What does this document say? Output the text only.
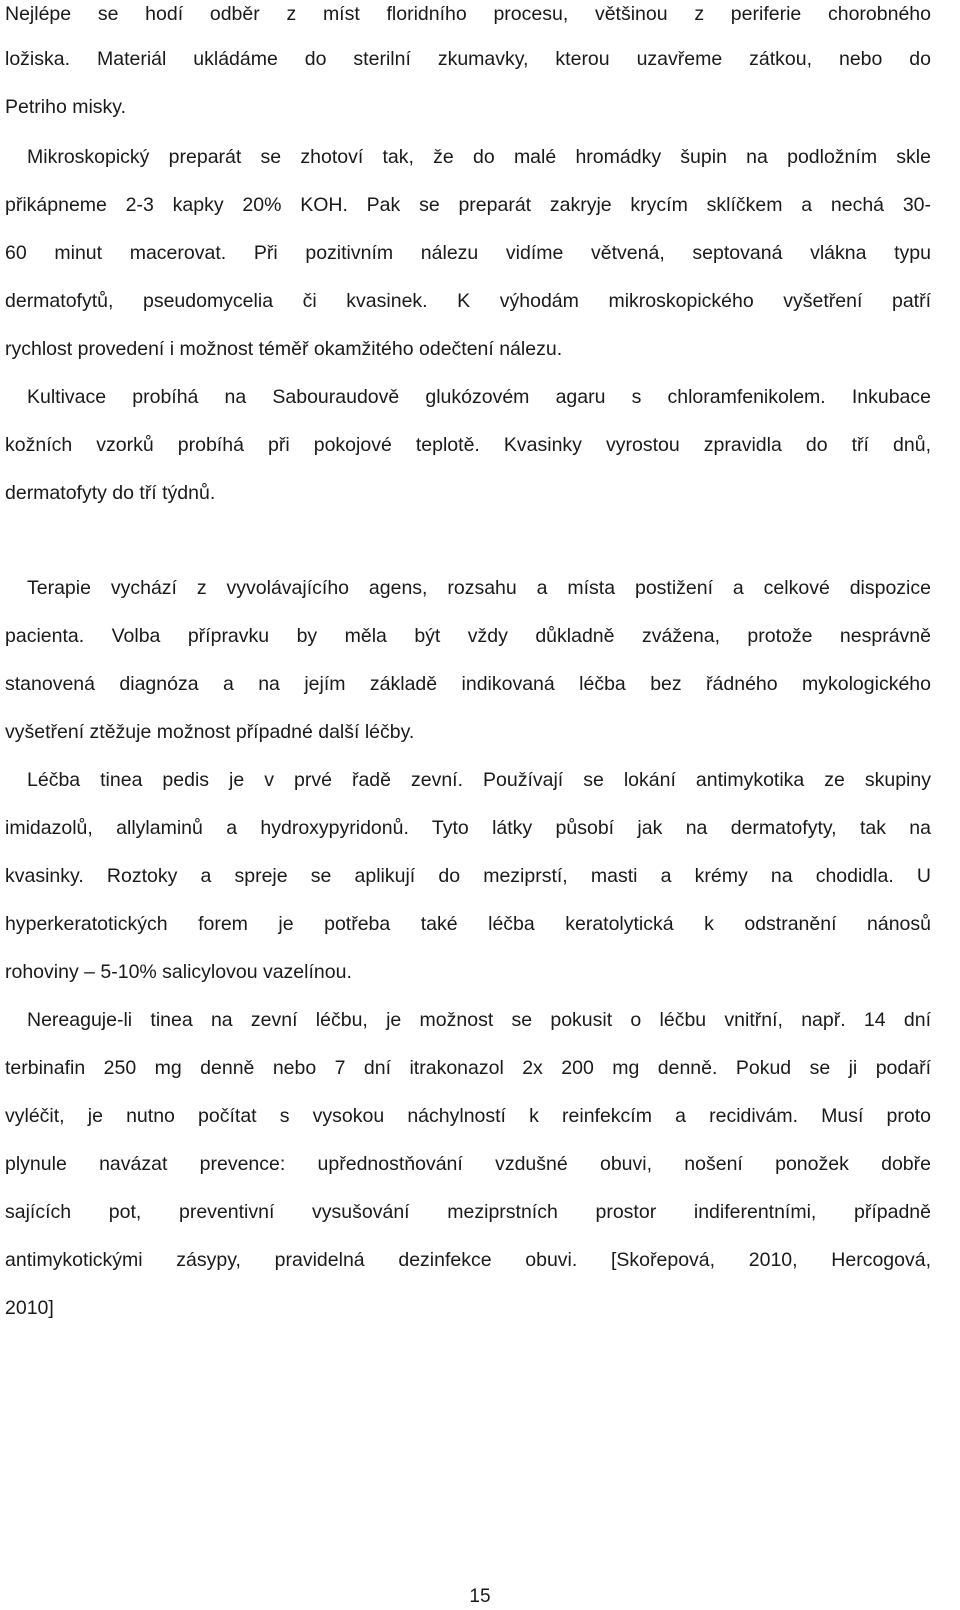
Nejlépe se hodí odběr z míst floridního procesu, většinou z periferie chorobného
ložiska. Materiál ukládáme do sterilní zkumavky, kterou uzavřeme zátkou, nebo do
Petriho misky.
Mikroskopický preparát se zhotoví tak, že do malé hromádky šupin na podložním skle
přikápneme 2-3 kapky 20% KOH. Pak se preparát zakryje krycím sklíčkem a nechá 30-
60 minut macerovat. Při pozitivním nálezu vidíme větvená, septovaná vlákna typu
dermatofytů, pseudomycelia či kvasinek. K výhodám mikroskopického vyšetření patří
rychlost provedení i možnost téměř okamžitého odečtení nálezu.
Kultivace probíhá na Sabouraudově glukózovém agaru s chloramfenikolem. Inkubace
kožních vzorků probíhá při pokojové teplotě. Kvasinky vyrostou zpravidla do tří dnů,
dermatofyty do tří týdnů.
Terapie vychází z vyvolávajícího agens, rozsahu a místa postižení a celkové dispozice
pacienta. Volba přípravku by měla být vždy důkladně zvážena, protože nesprávně
stanovená diagnóza a na jejím základě indikovaná léčba bez řádného mykologického
vyšetření ztěžuje možnost případné další léčby.
Léčba tinea pedis je v prvé řadě zevní. Používají se lokání antimykotika ze skupiny
imidazolů, allylaminů a hydroxypyridonů. Tyto látky působí jak na dermatofyty, tak na
kvasinky. Roztoky a spreje se aplikují do meziprstí, masti a krémy na chodidla. U
hyperkeratotických forem je potřeba také léčba keratolytická k odstranění nánosů
rohoviny – 5-10% salicylovou vazelínou.
Nereaguje-li tinea na zevní léčbu, je možnost se pokusit o léčbu vnitřní, např. 14 dní
terbinafin 250 mg denně nebo 7 dní itrakonazol 2x 200 mg denně. Pokud se ji podaří
vyléčit, je nutno počítat s vysokou náchylností k reinfekcím a recidivám. Musí proto
plynule navázat prevence: upřednostňování vzdušné obuvi, nošení ponožek dobře
sajících pot, preventivní vysušování meziprstních prostor indiferentními, případně
antimykotickými zásypy, pravidelná dezinfekce obuvi. [Skořepová, 2010, Hercogová,
2010]
15
